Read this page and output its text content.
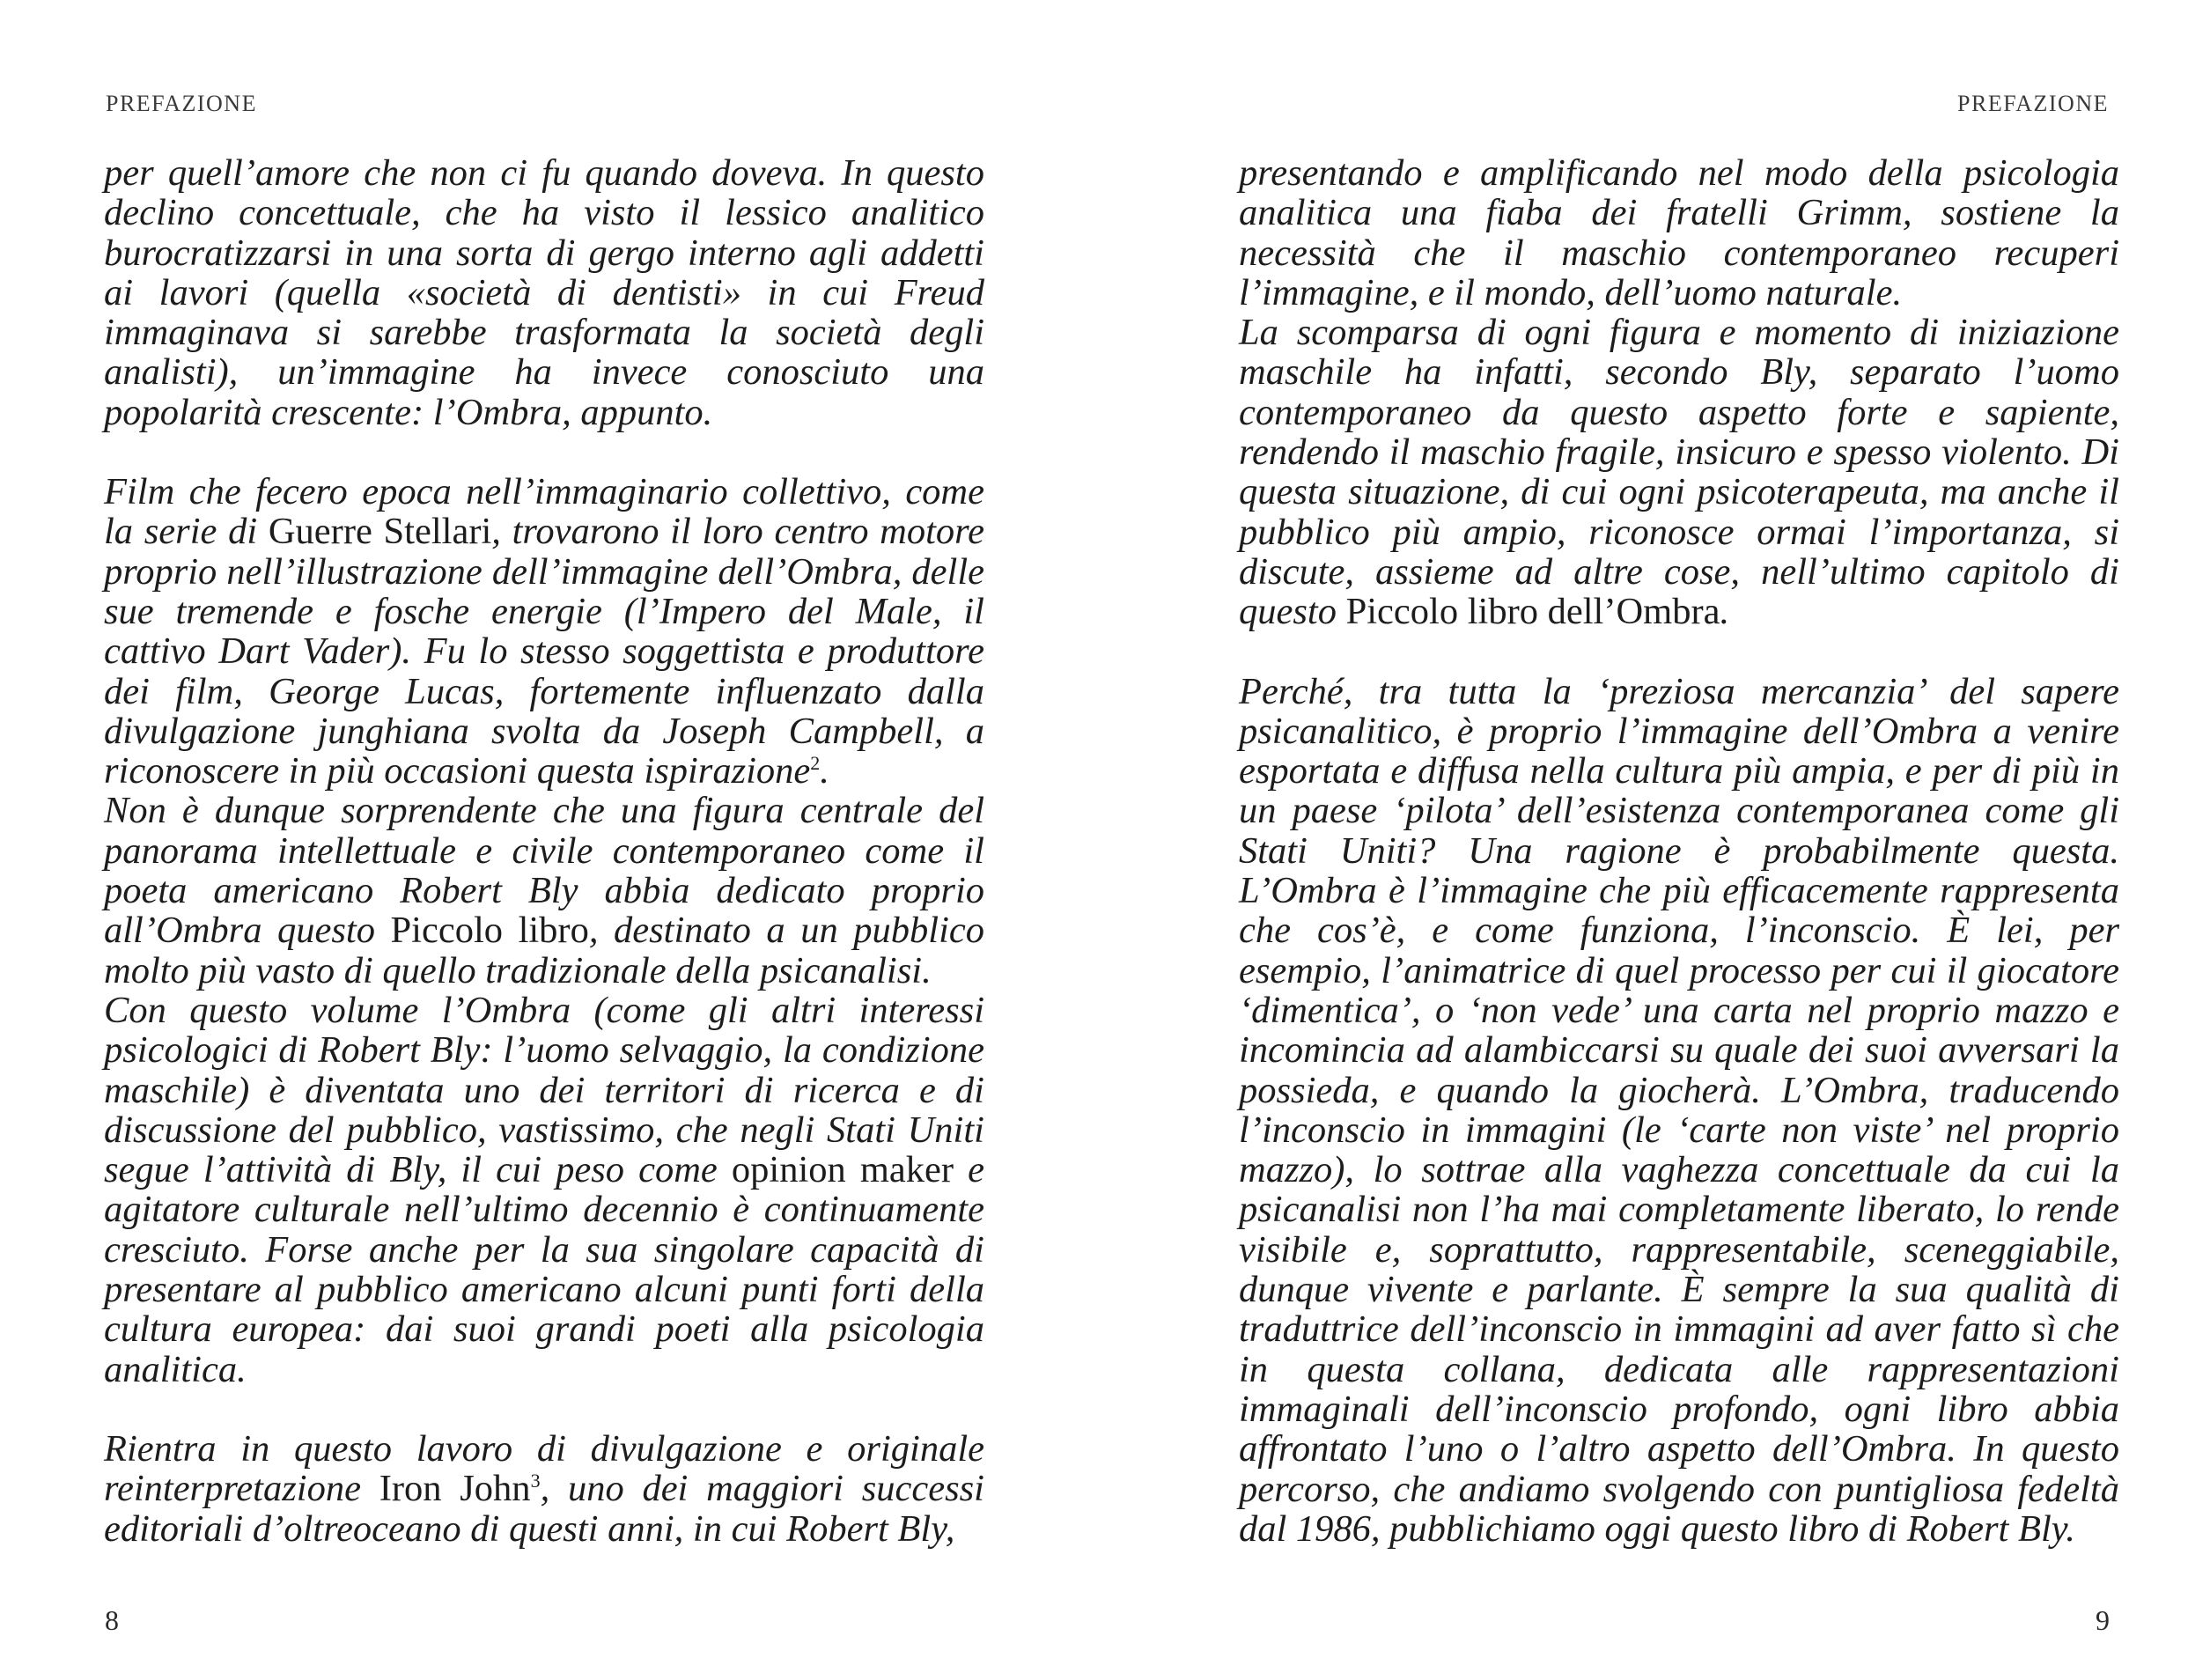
PREFAZIONE

per quell’amore che non ci fu quando doveva. In questo declino concettuale, che ha visto il lessico analitico burocratizzarsi in una sorta di gergo interno agli addetti ai lavori (quella «società di dentisti» in cui Freud immaginava si sarebbe trasformata la società degli analisti), un’immagine ha invece conosciuto una popolarità crescente: l’Ombra, appunto.

Film che fecero epoca nell’immaginario collettivo, come la serie di Guerre Stellari, trovarono il loro centro motore proprio nell’illustrazione dell’immagine dell’Ombra, delle sue tremende e fosche energie (l’Impero del Male, il cattivo Dart Vader). Fu lo stesso soggettista e produttore dei film, George Lucas, fortemente influenzato dalla divulgazione junghiana svolta da Joseph Campbell, a riconoscere in più occasioni questa ispirazione$^2$.

Non è dunque sorprendente che una figura centrale del panorama intellettuale e civile contemporaneo come il poeta americano Robert Bly abbia dedicato proprio all’Ombra questo Piccolo libro, destinato a un pubblico molto più vasto di quello tradizionale della psicanalisi.

Con questo volume l’Ombra (come gli altri interessi psicologici di Robert Bly: l’uomo selvaggio, la condizione maschile) è diventata uno dei territori di ricerca e di discussione del pubblico, vastissimo, che negli Stati Uniti segue l’attività di Bly, il cui peso come opinion maker e agitatore culturale nell’ultimo decennio è continuamente cresciuto. Forse anche per la sua singolare capacità di presentare al pubblico americano alcuni punti forti della cultura europea: dai suoi grandi poeti alla psicologia analitica.

Rientra in questo lavoro di divulgazione e originale reinterpretazione Iron John$^3$, uno dei maggiori successi editoriali d’oltreoceano di questi anni, in cui Robert Bly,

8
PREFAZIONE

presentando e amplificando nel modo della psicologia analitica una fiaba dei fratelli Grimm, sostiene la necessità che il maschio contemporaneo recuperi l’immagine, e il mondo, dell’uomo naturale.

La scomparsa di ogni figura e momento di iniziazione maschile ha infatti, secondo Bly, separato l’uomo contemporaneo da questo aspetto forte e sapiente, rendendo il maschio fragile, insicuro e spesso violento. Di questa situazione, di cui ogni psicoterapeuta, ma anche il pubblico più ampio, riconosce ormai l’importanza, si discute, assieme ad altre cose, nell’ultimo capitolo di questo Piccolo libro dell’Ombra.

Perché, tra tutta la ‘preziosa mercanzia’ del sapere psicanalitico, è proprio l’immagine dell’Ombra a venire esportata e diffusa nella cultura più ampia, e per di più in un paese ‘pilota’ dell’esistenza contemporanea come gli Stati Uniti? Una ragione è probabilmente questa. L’Ombra è l’immagine che più efficacemente rappresenta che cos’è, e come funziona, l’inconscio. È lei, per esempio, l’animatrice di quel processo per cui il giocatore ‘dimentica’, o ‘non vede’ una carta nel proprio mazzo e incomincia ad alambiccarsi su quale dei suoi avversari la possieda, e quando la giocherà. L’Ombra, traducendo l’inconscio in immagini (le ‘carte non viste’ nel proprio mazzo), lo sottrae alla vaghezza concettuale da cui la psicanalisi non l’ha mai completamente liberato, lo rende visibile e, soprattutto, rappresentabile, sceneggiabile, dunque vivente e parlante. È sempre la sua qualità di traduttrice dell’inconscio in immagini ad aver fatto sì che in questa collana, dedicata alle rappresentazioni immaginali dell’inconscio profondo, ogni libro abbia affrontato l’uno o l’altro aspetto dell’Ombra. In questo percorso, che andiamo svolgendo con puntigliosa fedeltà dal 1986, pubblichiamo oggi questo libro di Robert Bly.

9
